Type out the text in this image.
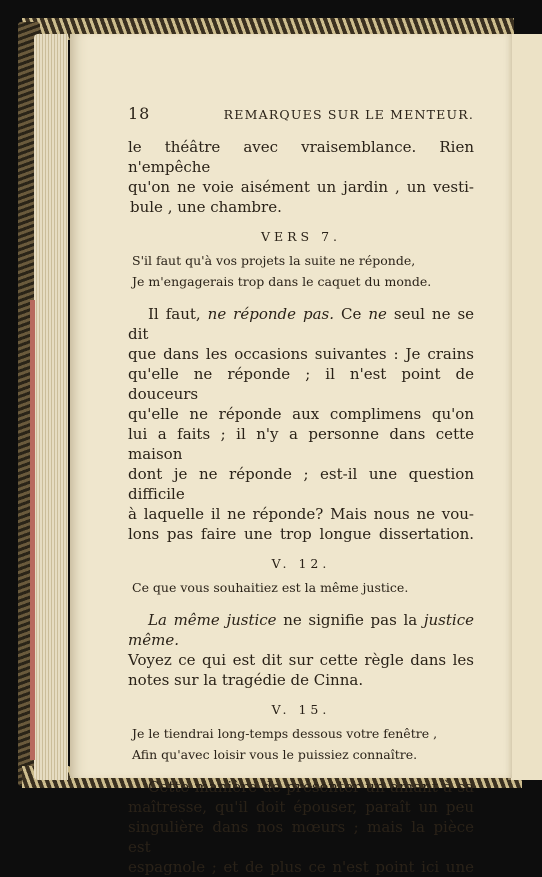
18	REMARQUES SUR LE MENTEUR.

le théâtre avec vraisemblance. Rien n'empêche

qu'on ne voie aisément un jardin , un vesti-

bule , une chambre.

VERS 7.

S'il faut qu'à vos projets la suite ne réponde,

Je m'engagerais trop dans le caquet du monde.

Il faut, ne réponde pas. Ce ne seul ne se dit

que dans les occasions suivantes : Je crains

qu'elle ne réponde ; il n'est point de douceurs

qu'elle ne réponde aux complimens qu'on

lui a faits ; il n'y a personne dans cette maison

dont je ne réponde ; est-il une question difficile

à laquelle il ne réponde? Mais nous ne vou-

lons pas faire une trop longue dissertation.

V. 12.

Ce que vous souhaitiez est la même justice.

La même justice ne signifie pas la justice même.

Voyez ce qui est dit sur cette règle dans les

notes sur la tragédie de Cinna.

V. 15.

Je le tiendrai long-temps dessous votre fenêtre ,

Afin qu'avec loisir vous le puissiez connaître.

Cette manière de présenter un amant à sa

maîtresse, qu'il doit épouser, paraît un peu

singulière dans nos mœurs ; mais la pièce est

espagnole ; et de plus ce n'est point ici une
